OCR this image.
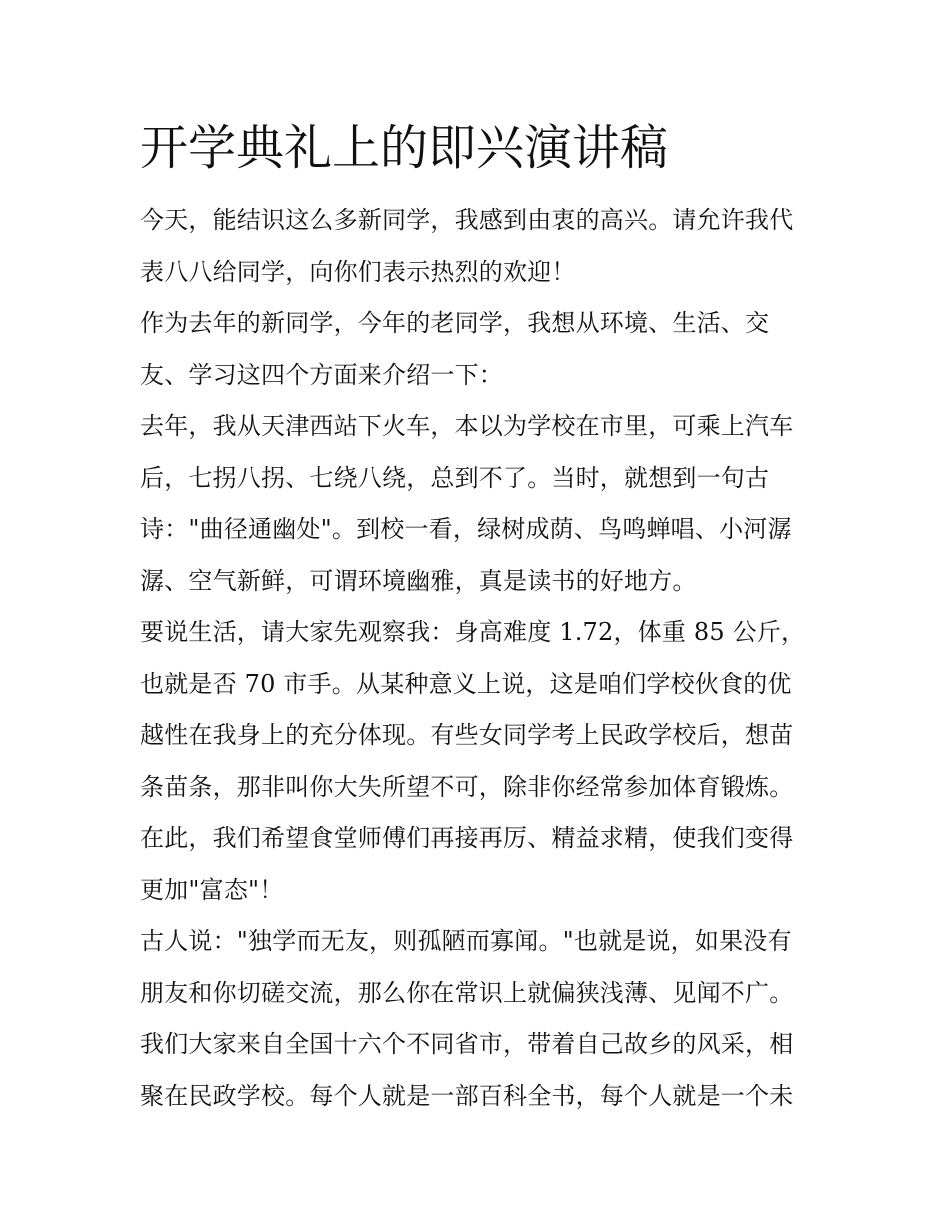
开学典礼上的即兴演讲稿
今天，能结识这么多新同学，我感到由衷的高兴。请允许我代
表八八给同学，向你们表示热烈的欢迎！
作为去年的新同学，今年的老同学，我想从环境、生活、交
友、学习这四个方面来介绍一下：
去年，我从天津西站下火车，本以为学校在市里，可乘上汽车
后，七拐八拐、七绕八绕，总到不了。当时，就想到一句古
诗："曲径通幽处"。到校一看，绿树成荫、鸟鸣蝉唱、小河潺
潺、空气新鲜，可谓环境幽雅，真是读书的好地方。
要说生活，请大家先观察我：身高难度 1.72，体重 85 公斤，
也就是否 70 市手。从某种意义上说，这是咱们学校伙食的优
越性在我身上的充分体现。有些女同学考上民政学校后，想苗
条苗条，那非叫你大失所望不可，除非你经常参加体育锻炼。
在此，我们希望食堂师傅们再接再厉、精益求精，使我们变得
更加"富态"！
古人说："独学而无友，则孤陋而寡闻。"也就是说，如果没有
朋友和你切磋交流，那么你在常识上就偏狭浅薄、见闻不广。
我们大家来自全国十六个不同省市，带着自己故乡的风采，相
聚在民政学校。每个人就是一部百科全书，每个人就是一个未
